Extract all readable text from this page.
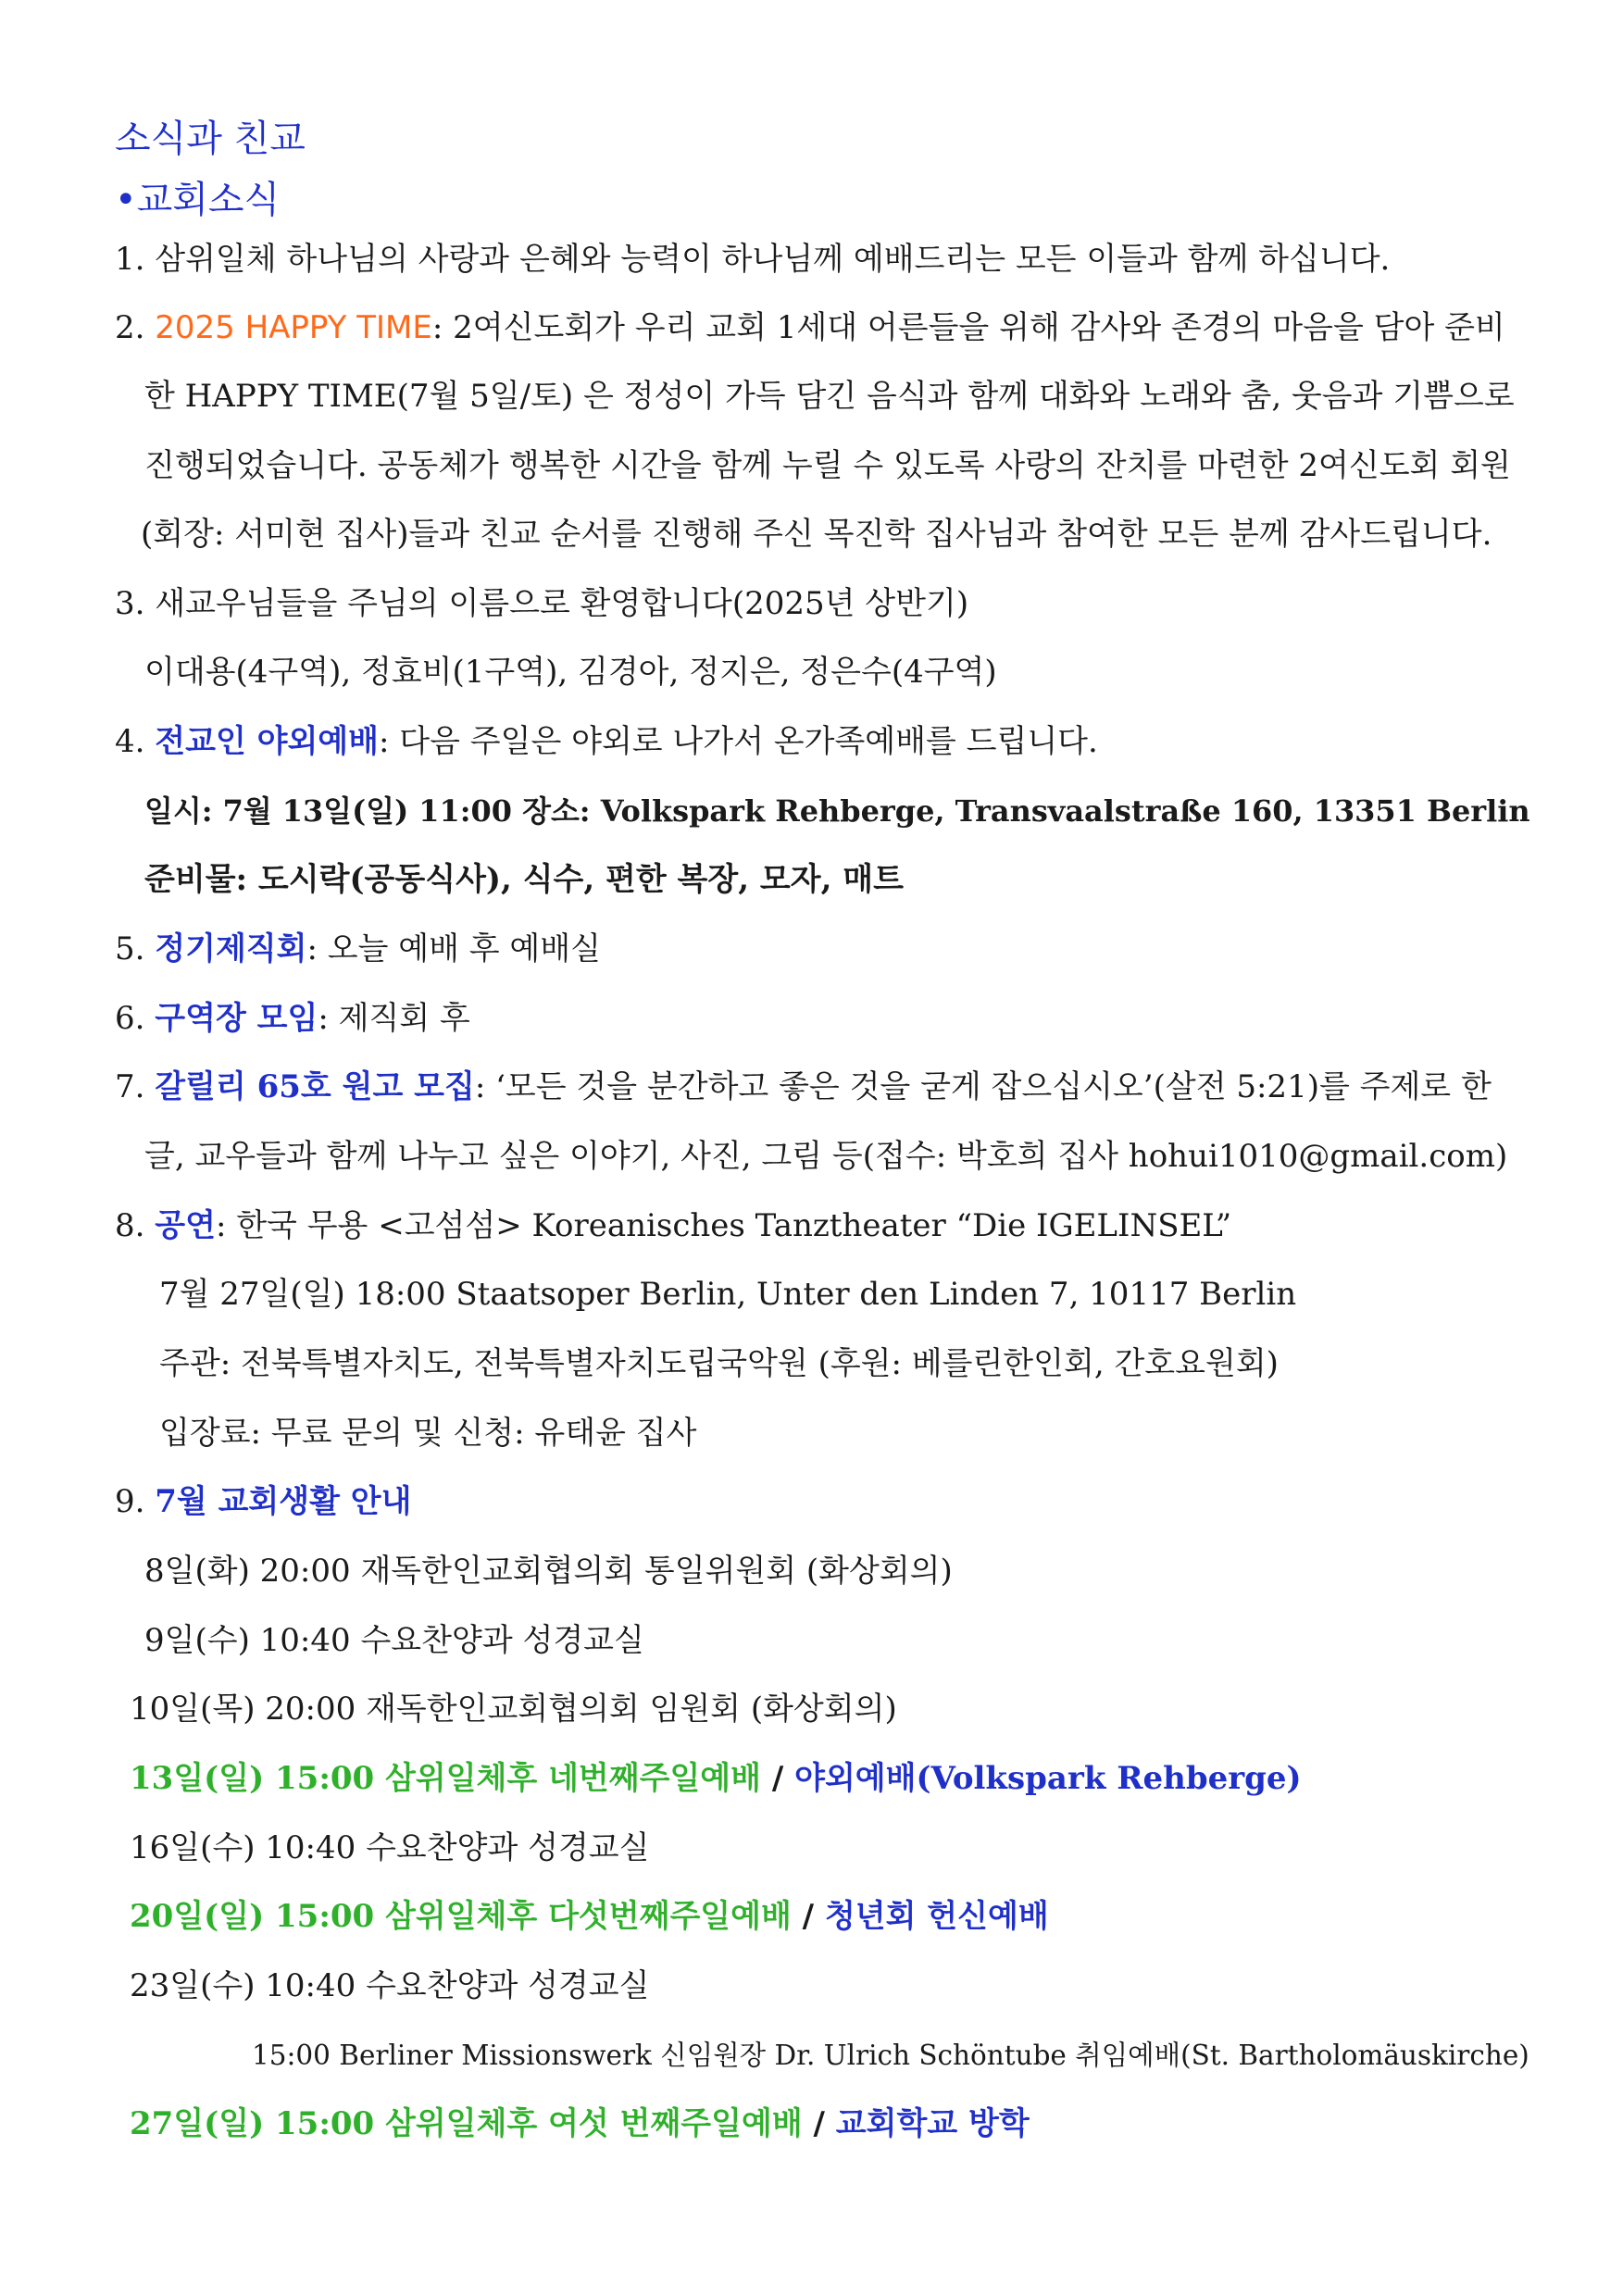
소식과 친교
•교회소식
1. 삼위일체 하나님의 사랑과 은혜와 능력이 하나님께 예배드리는 모든 이들과 함께 하십니다.
2. 2025 HAPPY TIME: 2여신도회가 우리 교회 1세대 어른들을 위해 감사와 존경의 마음을 담아 준비
한 HAPPY TIME(7월 5일/토) 은 정성이 가득 담긴 음식과 함께 대화와 노래와 춤, 웃음과 기쁨으로
진행되었습니다. 공동체가 행복한 시간을 함께 누릴 수 있도록 사랑의 잔치를 마련한 2여신도회 회원
(회장: 서미현 집사)들과 친교 순서를 진행해 주신 목진학 집사님과 참여한 모든 분께 감사드립니다.
3. 새교우님들을 주님의 이름으로 환영합니다(2025년 상반기)
이대용(4구역), 정효비(1구역), 김경아, 정지은, 정은수(4구역)
4. 전교인 야외예배: 다음 주일은 야외로 나가서 온가족예배를 드립니다.
일시: 7월 13일(일) 11:00 장소: Volkspark Rehberge, Transvaalstraße 160, 13351 Berlin
준비물: 도시락(공동식사), 식수, 편한 복장, 모자, 매트
5. 정기제직회: 오늘 예배 후 예배실
6. 구역장 모임: 제직회 후
7. 갈릴리 65호 원고 모집: ‘모든 것을 분간하고 좋은 것을 굳게 잡으십시오’(살전 5:21)를 주제로 한
글, 교우들과 함께 나누고 싶은 이야기, 사진, 그림 등(접수: 박호희 집사 hohui1010@gmail.com)
8. 공연: 한국 무용 <고섬섬> Koreanisches Tanztheater “Die IGELINSEL”
7월 27일(일) 18:00 Staatsoper Berlin, Unter den Linden 7, 10117 Berlin
주관: 전북특별자치도, 전북특별자치도립국악원 (후원: 베를린한인회, 간호요원회)
입장료: 무료 문의 및 신청: 유태윤 집사
9. 7월 교회생활 안내
8일(화) 20:00 재독한인교회협의회 통일위원회 (화상회의)
9일(수) 10:40 수요찬양과 성경교실
10일(목) 20:00 재독한인교회협의회 임원회 (화상회의)
13일(일) 15:00 삼위일체후 네번째주일예배 / 야외예배(Volkspark Rehberge)
16일(수) 10:40 수요찬양과 성경교실
20일(일) 15:00 삼위일체후 다섯번째주일예배 / 청년회 헌신예배
23일(수) 10:40 수요찬양과 성경교실
15:00 Berliner Missionswerk 신임원장 Dr. Ulrich Schöntube 취임예배(St. Bartholomäuskirche)
27일(일) 15:00 삼위일체후 여섯 번째주일예배 / 교회학교 방학
